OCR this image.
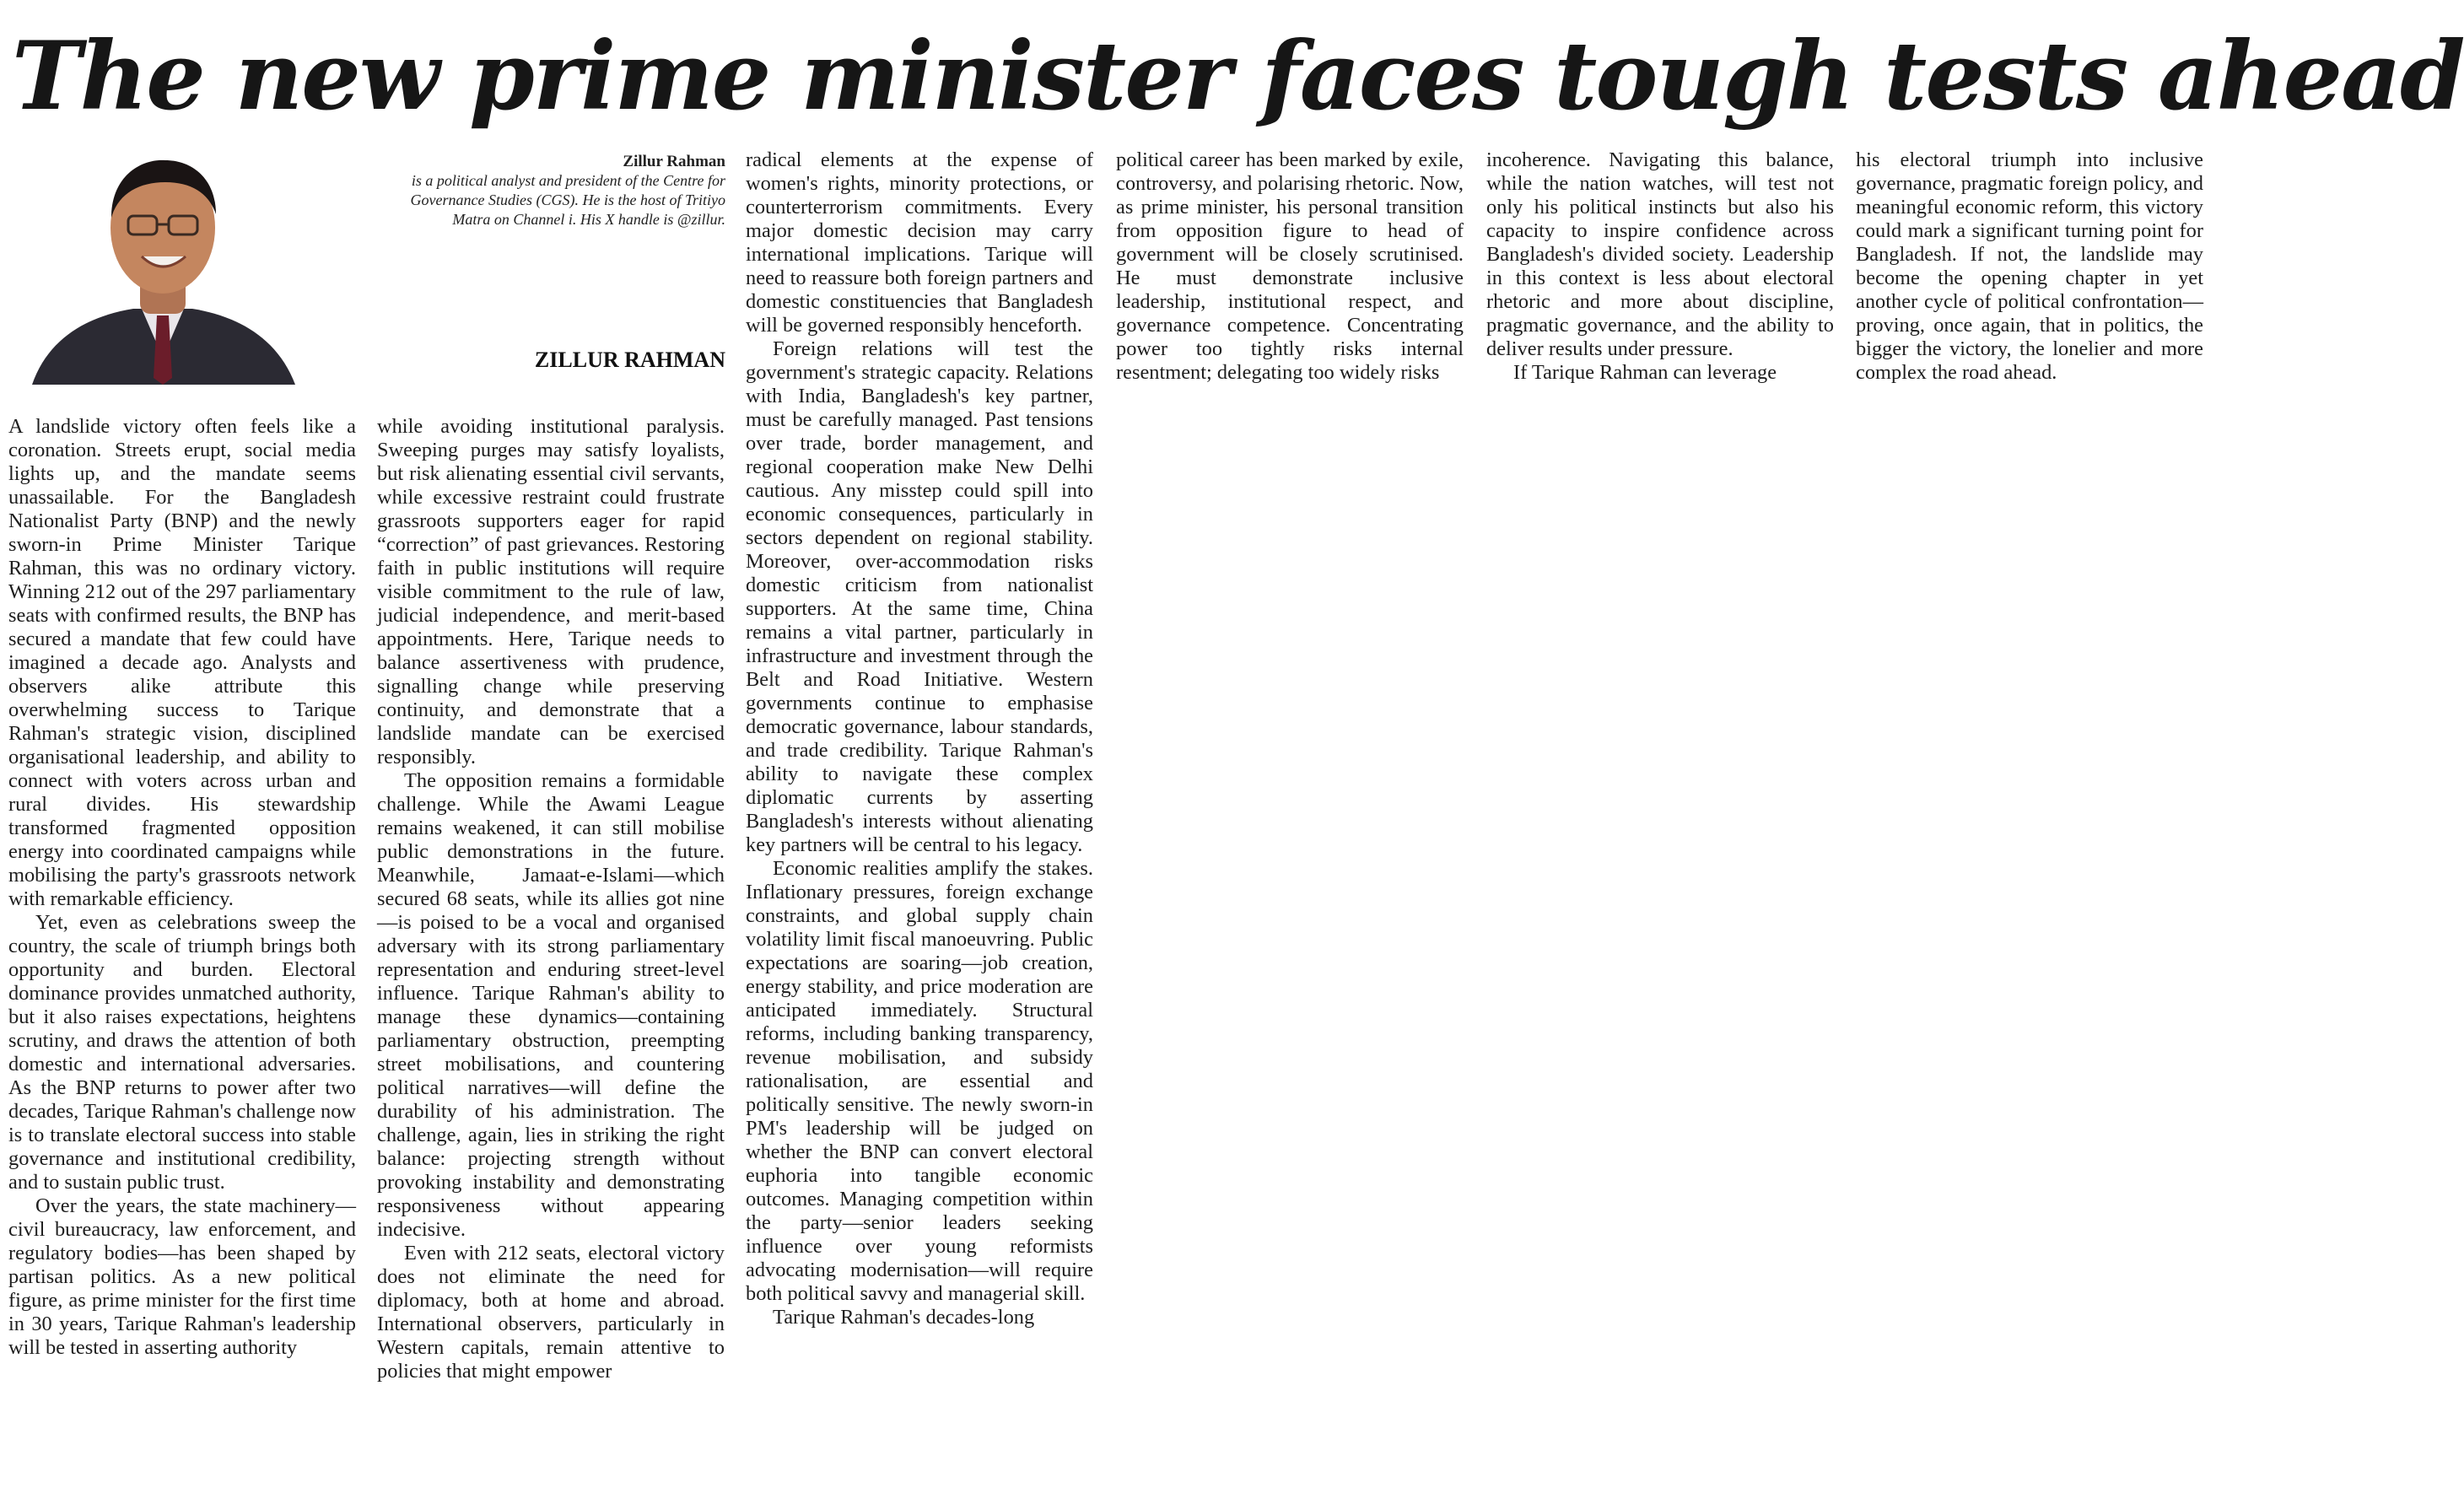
The new prime minister faces tough tests ahead
Zillur Rahman
is a political analyst and president of the Centre for Governance Studies (CGS). He is the host of Tritiyo Matra on Channel i. His X handle is @zillur.
ZILLUR RAHMAN

A landslide victory often feels like a coronation. Streets erupt, social media lights up, and the mandate seems unassailable. For the Bangladesh Nationalist Party (BNP) and the newly sworn-in Prime Minister Tarique Rahman, this was no ordinary victory. Winning 212 out of the 297 parliamentary seats with confirmed results, the BNP has secured a mandate that few could have imagined a decade ago. Analysts and observers alike attribute this overwhelming success to Tarique Rahman's strategic vision, disciplined organisational leadership, and ability to connect with voters across urban and rural divides. His stewardship transformed fragmented opposition energy into coordinated campaigns while mobilising the party's grassroots network with remarkable efficiency.

Yet, even as celebrations sweep the country, the scale of triumph brings both opportunity and burden. Electoral dominance provides unmatched authority, but it also raises expectations, heightens scrutiny, and draws the attention of both domestic and international adversaries. As the BNP returns to power after two decades, Tarique Rahman's challenge now is to translate electoral success into stable governance and institutional credibility, and to sustain public trust.

Over the years, the state machinery—civil bureaucracy, law enforcement, and regulatory bodies—has been shaped by partisan politics. As a new political figure, as prime minister for the first time in 30 years, Tarique Rahman's leadership will be tested in asserting authority

while avoiding institutional paralysis. Sweeping purges may satisfy loyalists, but risk alienating essential civil servants, while excessive restraint could frustrate grassroots supporters eager for rapid “correction” of past grievances. Restoring faith in public institutions will require visible commitment to the rule of law, judicial independence, and merit-based appointments. Here, Tarique needs to balance assertiveness with prudence, signalling change while preserving continuity, and demonstrate that a landslide mandate can be exercised responsibly.

The opposition remains a formidable challenge. While the Awami League remains weakened, it can still mobilise public demonstrations in the future. Meanwhile, Jamaat-e-Islami—which secured 68 seats, while its allies got nine—is poised to be a vocal and organised adversary with its strong parliamentary representation and enduring street-level influence. Tarique Rahman's ability to manage these dynamics—containing parliamentary obstruction, preempting street mobilisations, and countering political narratives—will define the durability of his administration. The challenge, again, lies in striking the right balance: projecting strength without provoking instability and demonstrating responsiveness without appearing indecisive.

Even with 212 seats, electoral victory does not eliminate the need for diplomacy, both at home and abroad. International observers, particularly in Western capitals, remain attentive to policies that might empower

radical elements at the expense of women's rights, minority protections, or counterterrorism commitments. Every major domestic decision may carry international implications. Tarique will need to reassure both foreign partners and domestic constituencies that Bangladesh will be governed responsibly henceforth.

Foreign relations will test the government's strategic capacity. Relations with India, Bangladesh's key partner, must be carefully managed. Past tensions over trade, border management, and regional cooperation make New Delhi cautious. Any misstep could spill into economic consequences, particularly in sectors dependent on regional stability. Moreover, over-accommodation risks domestic criticism from nationalist supporters. At the same time, China remains a vital partner, particularly in infrastructure and investment through the Belt and Road Initiative. Western governments continue to emphasise democratic governance, labour standards, and trade credibility. Tarique Rahman's ability to navigate these complex diplomatic currents by asserting Bangladesh's interests without alienating key partners will be central to his legacy.

Economic realities amplify the stakes. Inflationary pressures, foreign exchange constraints, and global supply chain volatility limit fiscal manoeuvring. Public expectations are soaring—job creation, energy stability, and price moderation are anticipated immediately. Structural reforms, including banking transparency, revenue mobilisation, and subsidy rationalisation, are essential and politically sensitive. The newly sworn-in PM's leadership will be judged on whether the BNP can convert electoral euphoria into tangible economic outcomes. Managing competition within the party—senior leaders seeking influence over young reformists advocating modernisation—will require both political savvy and managerial skill.

Tarique Rahman's decades-long

political career has been marked by exile, controversy, and polarising rhetoric. Now, as prime minister, his personal transition from opposition figure to head of government will be closely scrutinised. He must demonstrate inclusive leadership, institutional respect, and governance competence. Concentrating power too tightly risks internal resentment; delegating too widely risks

incoherence. Navigating this balance, while the nation watches, will test not only his political instincts but also his capacity to inspire confidence across Bangladesh's divided society. Leadership in this context is less about electoral rhetoric and more about discipline, pragmatic governance, and the ability to deliver results under pressure.

If Tarique Rahman can leverage

his electoral triumph into inclusive governance, pragmatic foreign policy, and meaningful economic reform, this victory could mark a significant turning point for Bangladesh. If not, the landslide may become the opening chapter in yet another cycle of political confrontation—proving, once again, that in politics, the bigger the victory, the lonelier and more complex the road ahead.
